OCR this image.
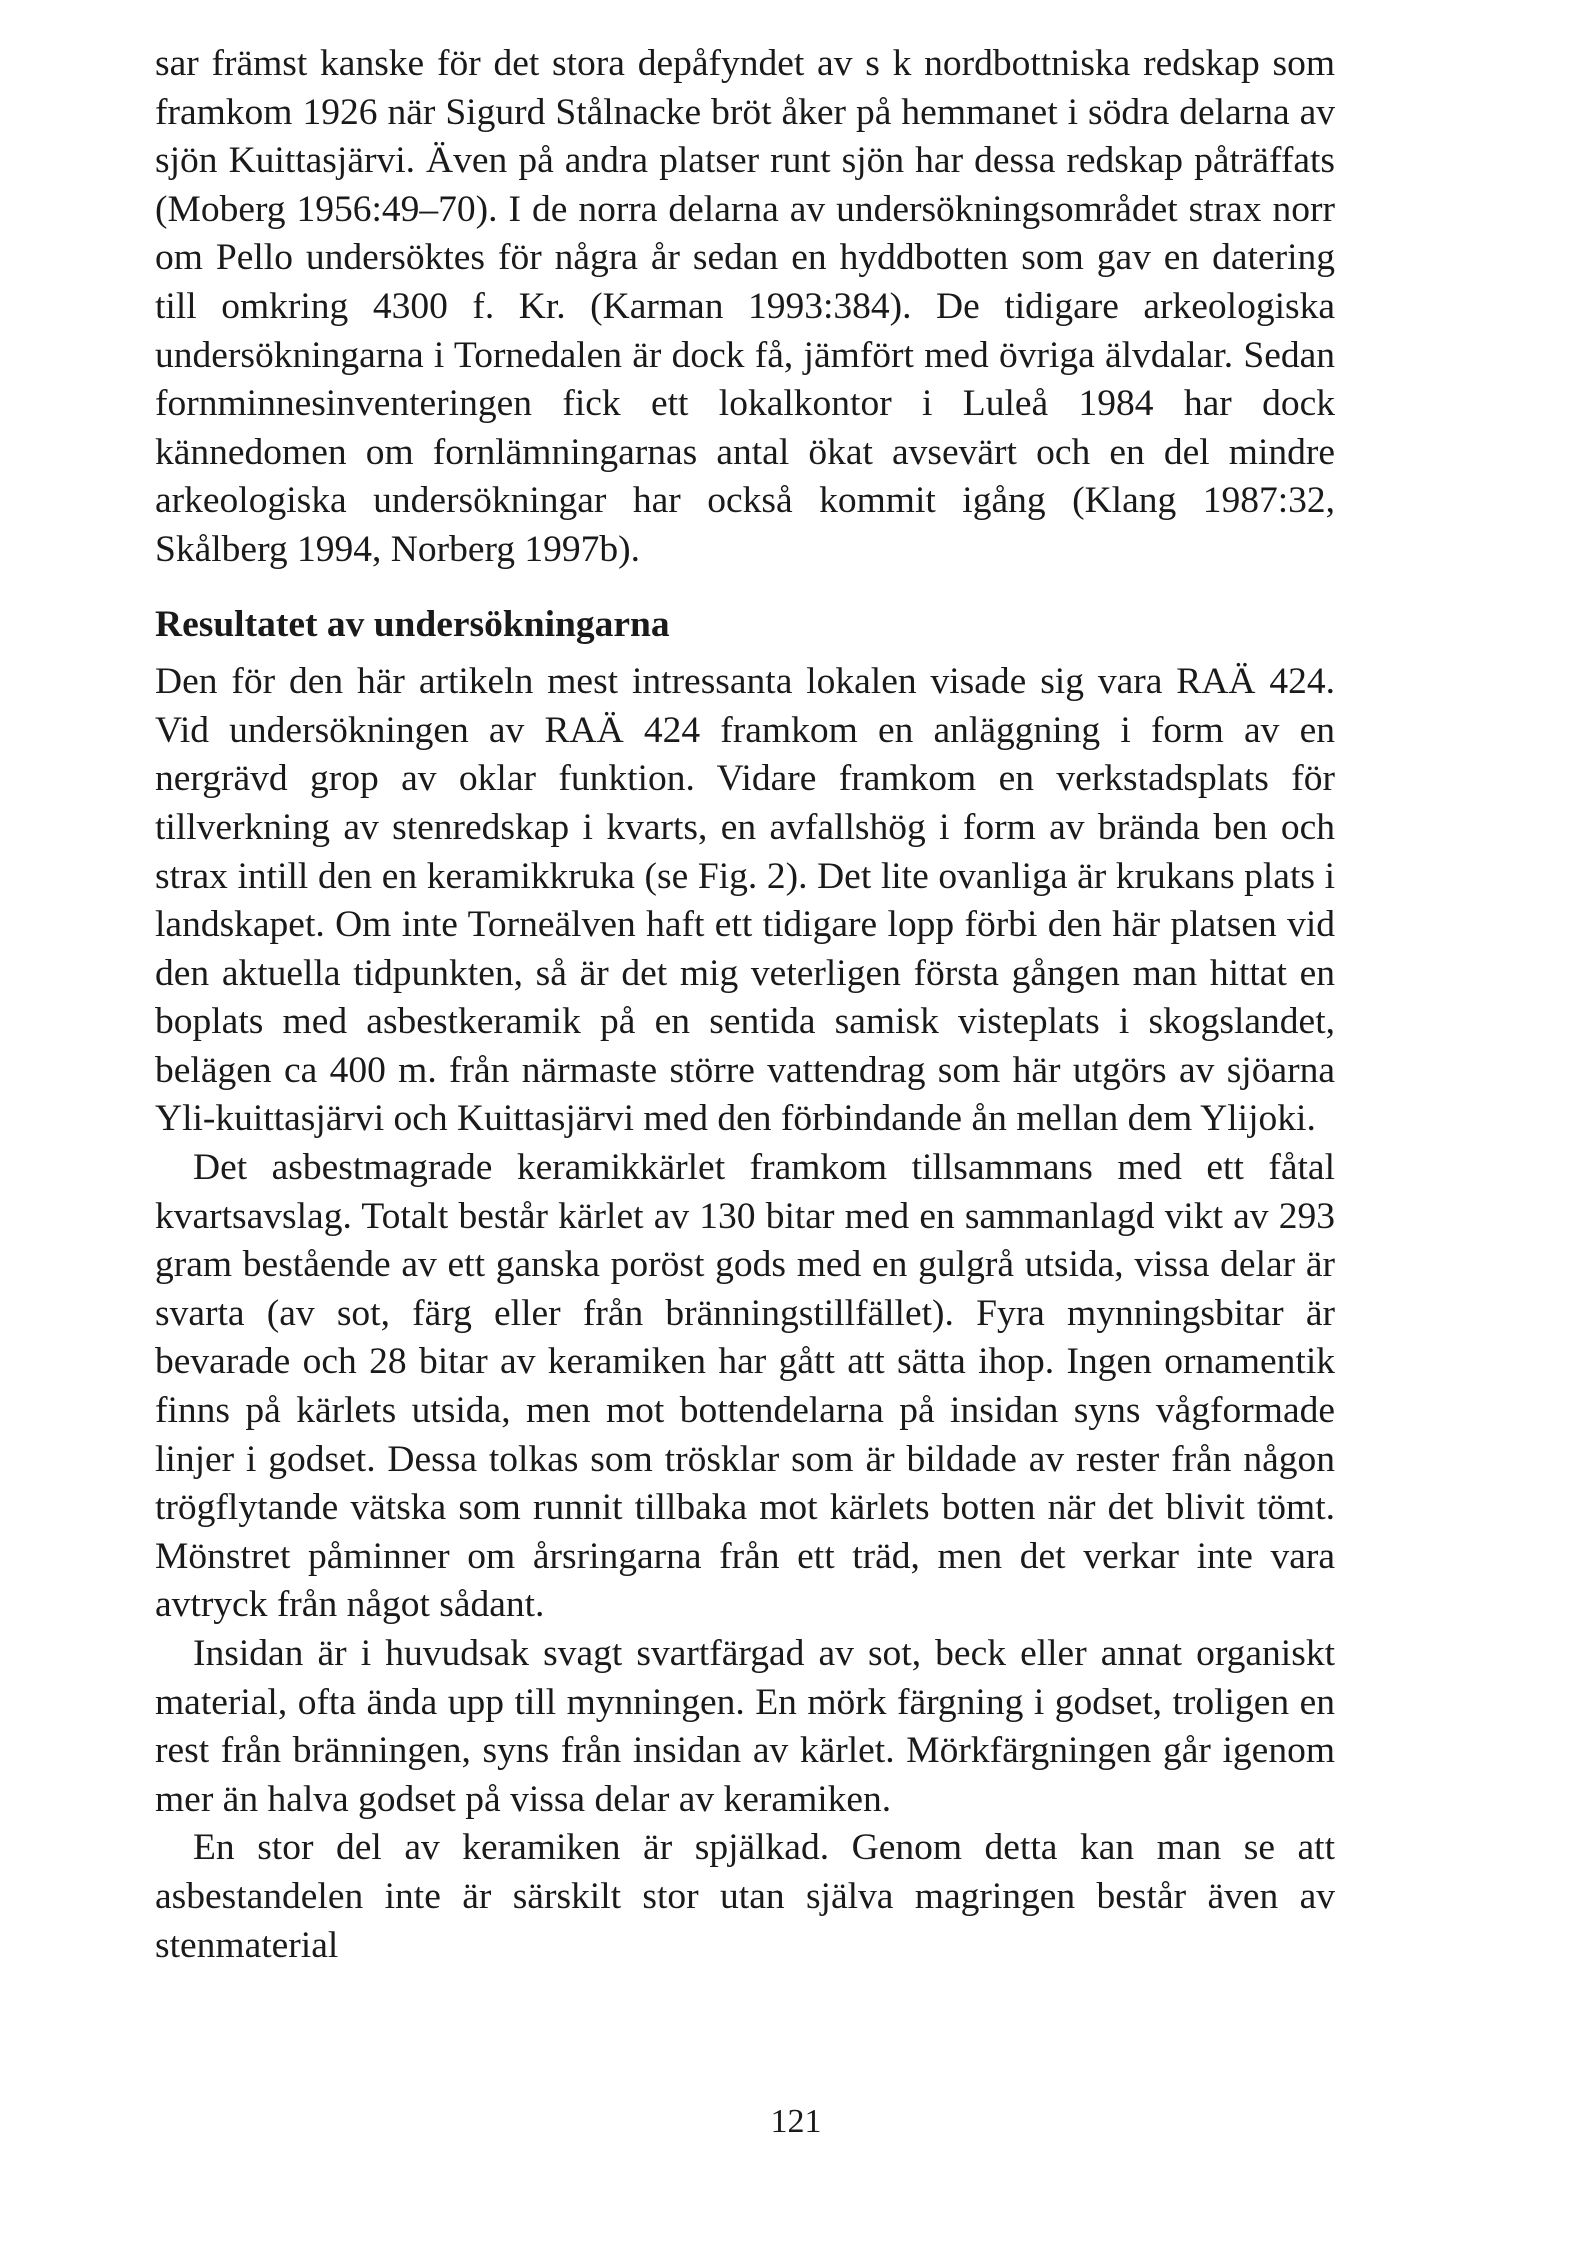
sar främst kanske för det stora depåfyndet av s k nordbottniska redskap som framkom 1926 när Sigurd Stålnacke bröt åker på hemmanet i södra delarna av sjön Kuittasjärvi. Även på andra platser runt sjön har dessa redskap påträffats (Moberg 1956:49–70). I de norra delarna av undersökningsområdet strax norr om Pello undersöktes för några år sedan en hyddbotten som gav en datering till omkring 4300 f. Kr. (Karman 1993:384). De tidigare arkeologiska undersökningarna i Tornedalen är dock få, jämfört med övriga älvdalar. Sedan fornminnesinventeringen fick ett lokalkontor i Luleå 1984 har dock kännedomen om fornlämningarnas antal ökat avsevärt och en del mindre arkeologiska undersökningar har också kommit igång (Klang 1987:32, Skålberg 1994, Norberg 1997b).

Resultatet av undersökningarna

Den för den här artikeln mest intressanta lokalen visade sig vara RAÄ 424. Vid undersökningen av RAÄ 424 framkom en anläggning i form av en nergrävd grop av oklar funktion. Vidare framkom en verkstadsplats för tillverkning av stenredskap i kvarts, en avfallshög i form av brända ben och strax intill den en keramikkruka (se Fig. 2). Det lite ovanliga är krukans plats i landskapet. Om inte Torneälven haft ett tidigare lopp förbi den här platsen vid den aktuella tidpunkten, så är det mig veterligen första gången man hittat en boplats med asbestkeramik på en sentida samisk visteplats i skogslandet, belägen ca 400 m. från närmaste större vattendrag som här utgörs av sjöarna Yli-kuittasjärvi och Kuittasjärvi med den förbindande ån mellan dem Ylijoki.

Det asbestmagrade keramikkärlet framkom tillsammans med ett fåtal kvartsavslag. Totalt består kärlet av 130 bitar med en sammanlagd vikt av 293 gram bestående av ett ganska poröst gods med en gulgrå utsida, vissa delar är svarta (av sot, färg eller från bränningstillfället). Fyra mynningsbitar är bevarade och 28 bitar av keramiken har gått att sätta ihop. Ingen ornamentik finns på kärlets utsida, men mot bottendelarna på insidan syns vågformade linjer i godset. Dessa tolkas som trösklar som är bildade av rester från någon trögflytande vätska som runnit tillbaka mot kärlets botten när det blivit tömt. Mönstret påminner om årsringarna från ett träd, men det verkar inte vara avtryck från något sådant.

Insidan är i huvudsak svagt svartfärgad av sot, beck eller annat organiskt material, ofta ända upp till mynningen. En mörk färgning i godset, troligen en rest från bränningen, syns från insidan av kärlet. Mörkfärgningen går igenom mer än halva godset på vissa delar av keramiken.

En stor del av keramiken är spjälkad. Genom detta kan man se att asbestandelen inte är särskilt stor utan själva magringen består även av stenmaterial

121
